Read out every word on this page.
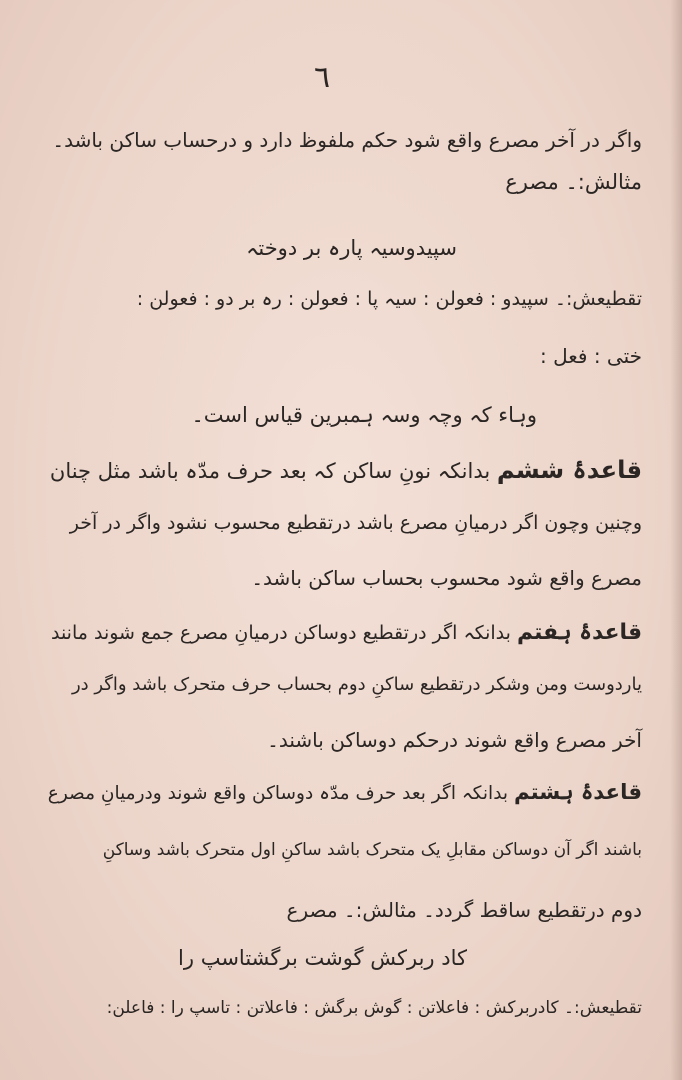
٦
واگر در آخر مصرع واقع شود حکم ملفوظ دارد و درحساب ساکن باشد۔
مثالش:۔ مصرع
سپیدوسیہ پارہ بر دوختہ
تقطیعش:۔ سپیدو : فعولن : سیہ پا : فعولن : رہ بر دو : فعولن :
ختی : فعل :
وہاء کہ وچہ وسہ ہمبرین قیاس است۔
قاعدۂ ششم بدانکہ نونِ ساکن کہ بعد حرف مدّہ باشد مثل چنان
وچنین وچون اگر درمیانِ مصرع باشد درتقطیع محسوب نشود واگر در آخر
مصرع واقع شود محسوب بحساب ساکن باشد۔
قاعدۂ ہفتم بدانکہ اگر درتقطیع دوساکن درمیانِ مصرع جمع شوند مانند
یاردوست ومن وشکر درتقطیع ساکنِ دوم بحساب حرف متحرک باشد واگر در
آخر مصرع واقع شوند درحکم دوساکن باشند۔
قاعدۂ ہشتم بدانکہ اگر بعد حرف مدّہ دوساکن واقع شوند ودرمیانِ مصرع
باشند اگر آن دوساکن مقابلِ یک متحرک باشد ساکنِ اول متحرک باشد وساکنِ
دوم درتقطیع ساقط گردد۔ مثالش:۔ مصرع
کاد ربرکش گوشت برگشتاسپ را
تقطیعش:۔ کادربرکش : فاعلاتن : گوش برگش : فاعلاتن : تاسپ را : فاعلن:
